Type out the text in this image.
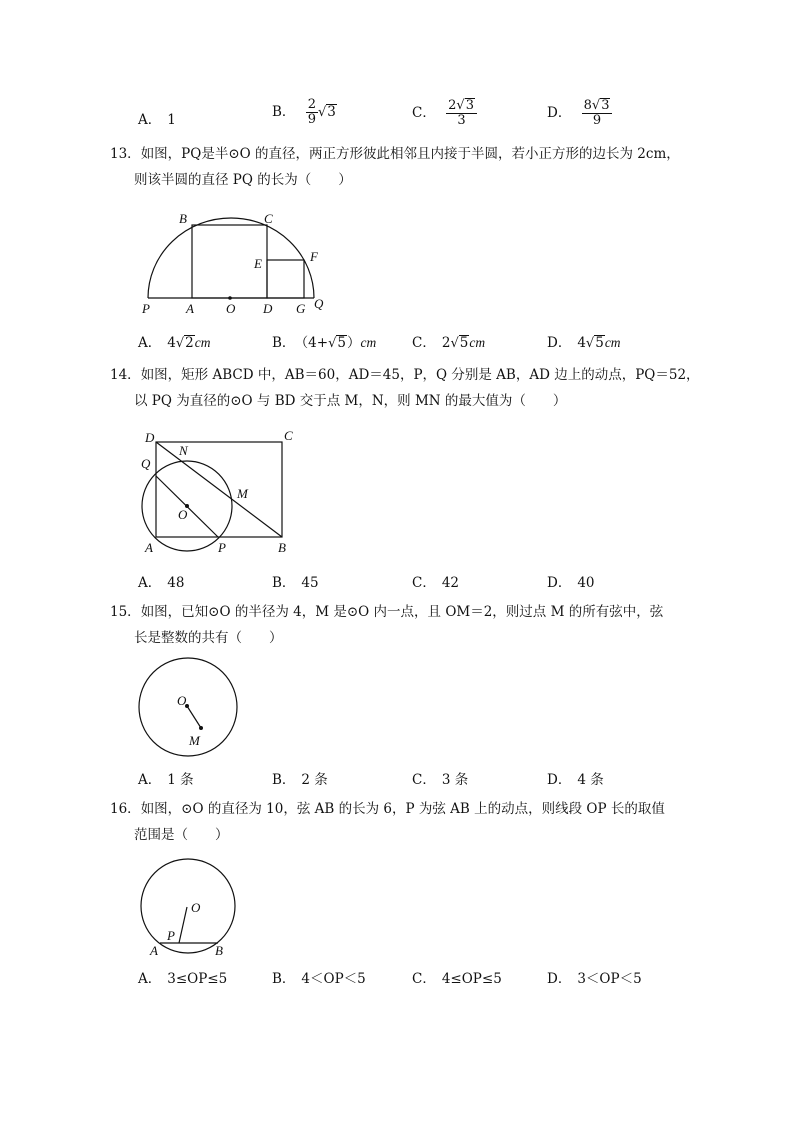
A． 1	B． $\frac{2}{9} √3$	C． $\frac{2√3}{3}$	D． $\frac{8√3}{9}$
13．如图，PQ是半⊙O 的直径，两正方形彼此相邻且内接于半圆，若小正方形的边长为 2cm，
则该半圆的直径 PQ 的长为（　　）
B	C
E	F
P	A O D G Q
A． 4√2cm	B． （4+√5）cm	C． 2√5cm	D． 4√5cm
14．如图，矩形 ABCD 中，AB＝60，AD＝45，P，Q 分别是 AB，AD 边上的动点，PQ＝52，
以 PQ 为直径的⊙O 与 BD 交于点 M，N，则 MN 的最大值为（　　）
D	C
N
Q
M
O
A	P	B
A． 48	B． 45	C． 42	D． 40
15．如图，已知⊙O 的半径为 4，M 是⊙O 内一点，且 OM＝2，则过点 M 的所有弦中，弦
长是整数的共有（　　）
O
M
A． 1 条	B． 2 条	C． 3 条	D． 4 条
16．如图，⊙O 的直径为 10，弦 AB 的长为 6，P 为弦 AB 上的动点，则线段 OP 长的取值
范围是（　　）
O
P
A	B
A． 3≤OP≤5	B． 4＜OP＜5	C． 4≤OP≤5	D． 3＜OP＜5
